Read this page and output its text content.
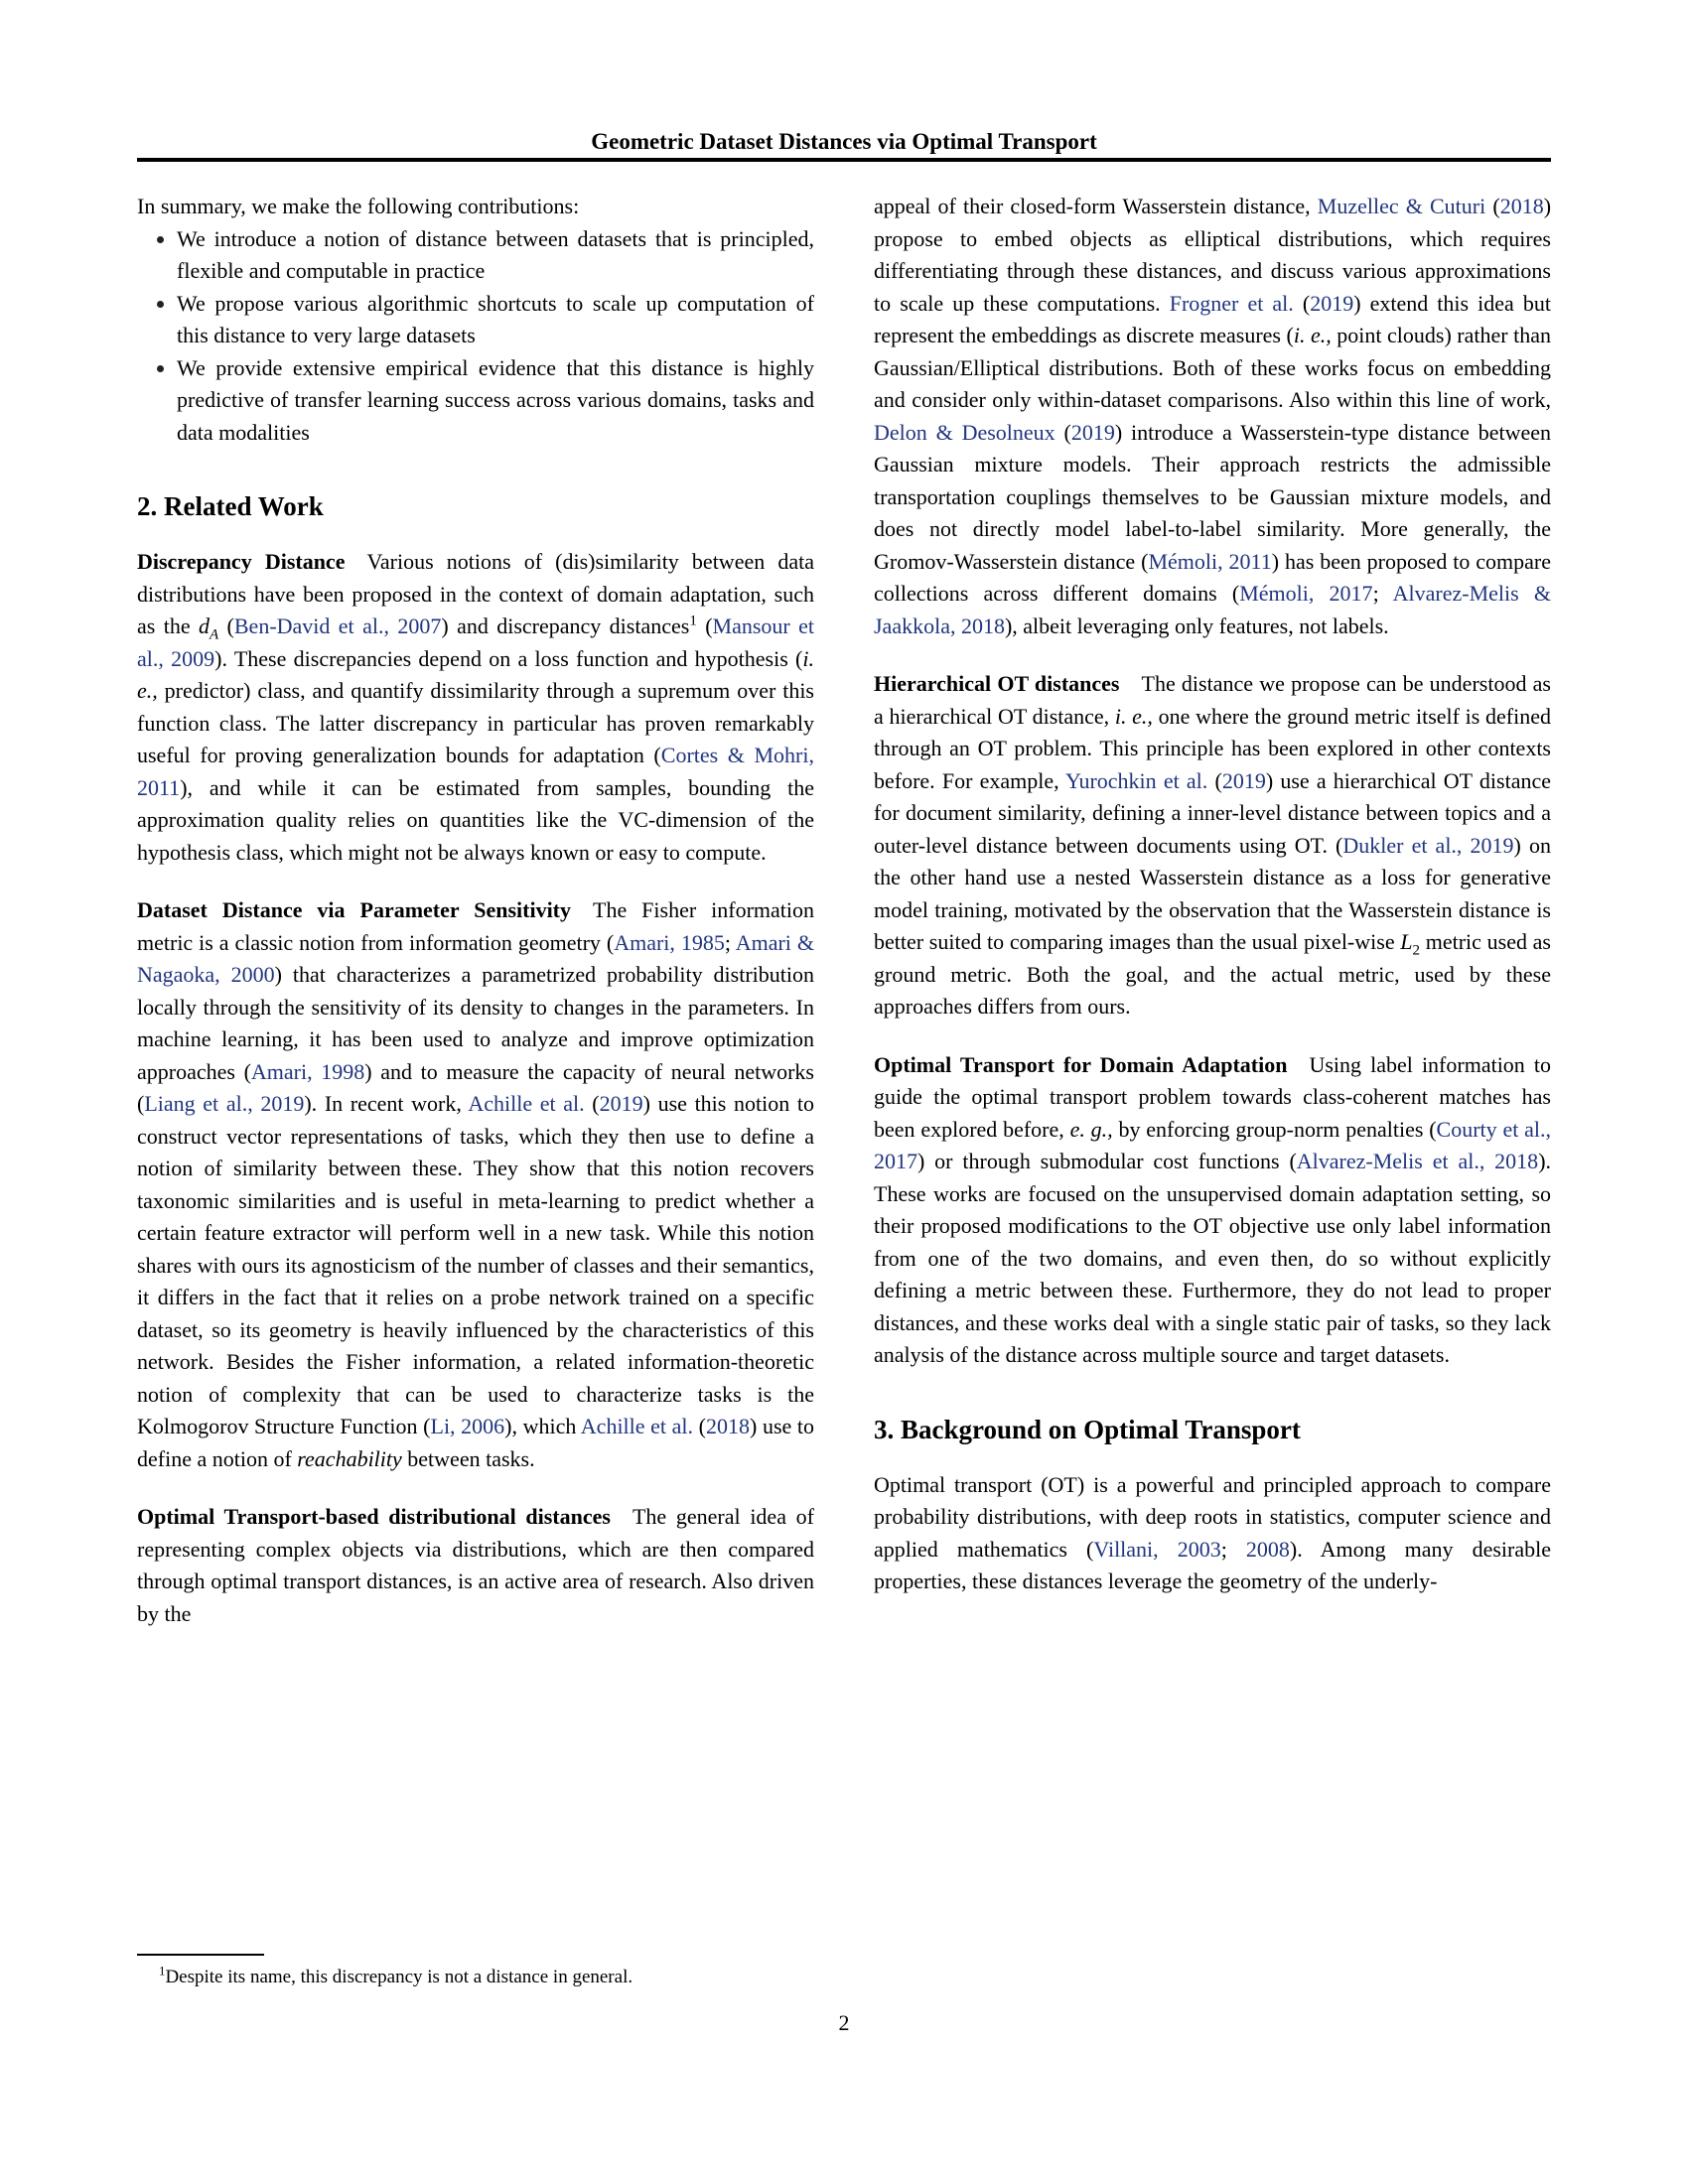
Geometric Dataset Distances via Optimal Transport

In summary, we make the following contributions:

• We introduce a notion of distance between datasets that is principled, flexible and computable in practice
• We propose various algorithmic shortcuts to scale up computation of this distance to very large datasets
• We provide extensive empirical evidence that this distance is highly predictive of transfer learning success across various domains, tasks and data modalities
2. Related Work

Discrepancy Distance  Various notions of (dis)similarity between data distributions have been proposed in the context of domain adaptation, such as the $d_A$ (Ben-David et al., 2007) and discrepancy distances$^1$ (Mansour et al., 2009). These discrepancies depend on a loss function and hypothesis (i. e., predictor) class, and quantify dissimilarity through a supremum over this function class. The latter discrepancy in particular has proven remarkably useful for proving generalization bounds for adaptation (Cortes & Mohri, 2011), and while it can be estimated from samples, bounding the approximation quality relies on quantities like the VC-dimension of the hypothesis class, which might not be always known or easy to compute.

Dataset Distance via Parameter Sensitivity  The Fisher information metric is a classic notion from information geometry (Amari, 1985; Amari & Nagaoka, 2000) that characterizes a parametrized probability distribution locally through the sensitivity of its density to changes in the parameters. In machine learning, it has been used to analyze and improve optimization approaches (Amari, 1998) and to measure the capacity of neural networks (Liang et al., 2019). In recent work, Achille et al. (2019) use this notion to construct vector representations of tasks, which they then use to define a notion of similarity between these. They show that this notion recovers taxonomic similarities and is useful in meta-learning to predict whether a certain feature extractor will perform well in a new task. While this notion shares with ours its agnosticism of the number of classes and their semantics, it differs in the fact that it relies on a probe network trained on a specific dataset, so its geometry is heavily influenced by the characteristics of this network. Besides the Fisher information, a related information-theoretic notion of complexity that can be used to characterize tasks is the Kolmogorov Structure Function (Li, 2006), which Achille et al. (2018) use to define a notion of reachability between tasks.

Optimal Transport-based distributional distances  The general idea of representing complex objects via distributions, which are then compared through optimal transport distances, is an active area of research. Also driven by the

$^1$Despite its name, this discrepancy is not a distance in general.

appeal of their closed-form Wasserstein distance, Muzellec & Cuturi (2018) propose to embed objects as elliptical distributions, which requires differentiating through these distances, and discuss various approximations to scale up these computations. Frogner et al. (2019) extend this idea but represent the embeddings as discrete measures (i. e., point clouds) rather than Gaussian/Elliptical distributions. Both of these works focus on embedding and consider only within-dataset comparisons. Also within this line of work, Delon & Desolneux (2019) introduce a Wasserstein-type distance between Gaussian mixture models. Their approach restricts the admissible transportation couplings themselves to be Gaussian mixture models, and does not directly model label-to-label similarity. More generally, the Gromov-Wasserstein distance (Mémoli, 2011) has been proposed to compare collections across different domains (Mémoli, 2017; Alvarez-Melis & Jaakkola, 2018), albeit leveraging only features, not labels.

Hierarchical OT distances  The distance we propose can be understood as a hierarchical OT distance, i. e., one where the ground metric itself is defined through an OT problem. This principle has been explored in other contexts before. For example, Yurochkin et al. (2019) use a hierarchical OT distance for document similarity, defining a inner-level distance between topics and a outer-level distance between documents using OT. (Dukler et al., 2019) on the other hand use a nested Wasserstein distance as a loss for generative model training, motivated by the observation that the Wasserstein distance is better suited to comparing images than the usual pixel-wise $L_2$ metric used as ground metric. Both the goal, and the actual metric, used by these approaches differs from ours.

Optimal Transport for Domain Adaptation  Using label information to guide the optimal transport problem towards class-coherent matches has been explored before, e. g., by enforcing group-norm penalties (Courty et al., 2017) or through submodular cost functions (Alvarez-Melis et al., 2018). These works are focused on the unsupervised domain adaptation setting, so their proposed modifications to the OT objective use only label information from one of the two domains, and even then, do so without explicitly defining a metric between these. Furthermore, they do not lead to proper distances, and these works deal with a single static pair of tasks, so they lack analysis of the distance across multiple source and target datasets.

3. Background on Optimal Transport

Optimal transport (OT) is a powerful and principled approach to compare probability distributions, with deep roots in statistics, computer science and applied mathematics (Villani, 2003; 2008). Among many desirable properties, these distances leverage the geometry of the underly-

2
